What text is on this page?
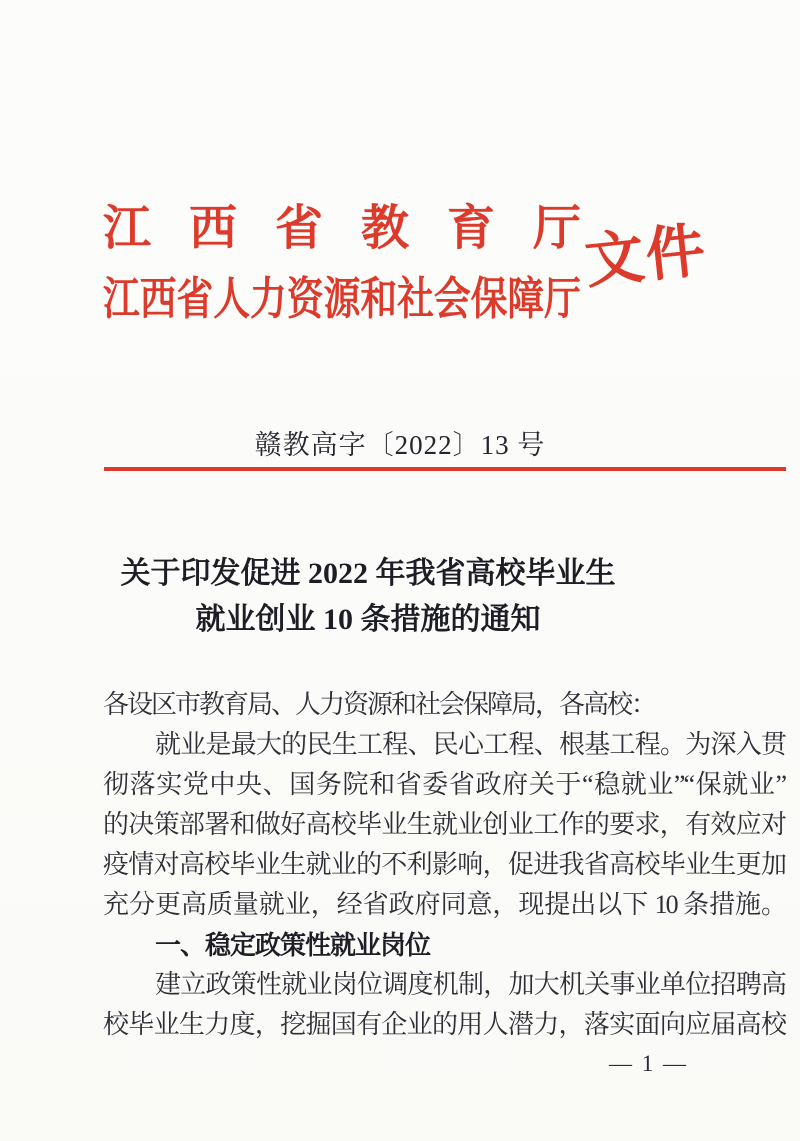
江西省教育厅
江西省人力资源和社会保障厅
文件
赣教高字〔2022〕13 号
关于印发促进 2022 年我省高校毕业生
就业创业 10 条措施的通知
各设区市教育局、人力资源和社会保障局，各高校：
就业是最大的民生工程、民心工程、根基工程。为深入贯
彻落实党中央、国务院和省委省政府关于“稳就业”“保就业”
的决策部署和做好高校毕业生就业创业工作的要求，有效应对
疫情对高校毕业生就业的不利影响，促进我省高校毕业生更加
充分更高质量就业，经省政府同意，现提出以下 10 条措施。
一、稳定政策性就业岗位
建立政策性就业岗位调度机制，加大机关事业单位招聘高
校毕业生力度，挖掘国有企业的用人潜力，落实面向应届高校
— 1 —
